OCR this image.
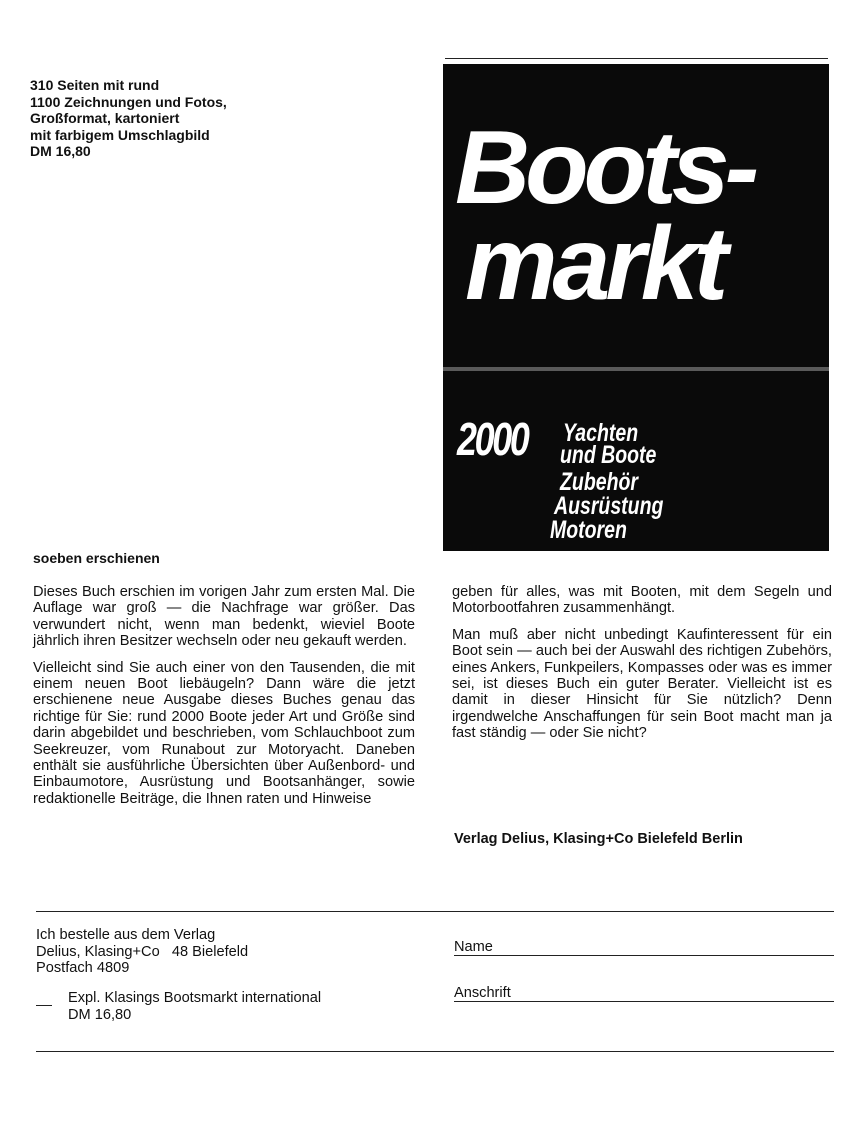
310 Seiten mit rund
1100 Zeichnungen und Fotos,
Großformat, kartoniert
mit farbigem Umschlagbild
DM 16,80	Boots-
markt
2000 Yachten
und Boote
Zubehör
Ausrüstung
Motoren
soeben erschienen

Dieses Buch erschien im vorigen Jahr zum ersten Mal. Die Auflage war groß — die Nachfrage war größer. Das verwundert nicht, wenn man bedenkt, wieviel Boote jährlich ihren Besitzer wechseln oder neu gekauft werden.

Vielleicht sind Sie auch einer von den Tausenden, die mit einem neuen Boot liebäugeln? Dann wäre die jetzt erschienene neue Ausgabe dieses Buches genau das richtige für Sie: rund 2000 Boote jeder Art und Größe sind darin abgebildet und beschrieben, vom Schlauchboot zum Seekreuzer, vom Runabout zur Motoryacht. Daneben enthält sie ausführliche Übersichten über Außenbord- und Einbaumotore, Ausrüstung und Bootsanhänger, sowie redaktionelle Beiträge, die Ihnen raten und Hinweise

geben für alles, was mit Booten, mit dem Segeln und Motorbootfahren zusammenhängt.

Man muß aber nicht unbedingt Kaufinteressent für ein Boot sein — auch bei der Auswahl des richtigen Zubehörs, eines Ankers, Funkpeilers, Kompasses oder was es immer sei, ist dieses Buch ein guter Berater. Vielleicht ist es damit in dieser Hinsicht für Sie nützlich? Denn irgendwelche Anschaffungen für sein Boot macht man ja fast ständig — oder Sie nicht?

Verlag Delius, Klasing+Co Bielefeld Berlin
Ich bestelle aus dem Verlag
Delius, Klasing+Co   48 Bielefeld
Postfach 4809
Expl. Klasings Bootsmarkt international
DM 16,80
Name
Anschrift
